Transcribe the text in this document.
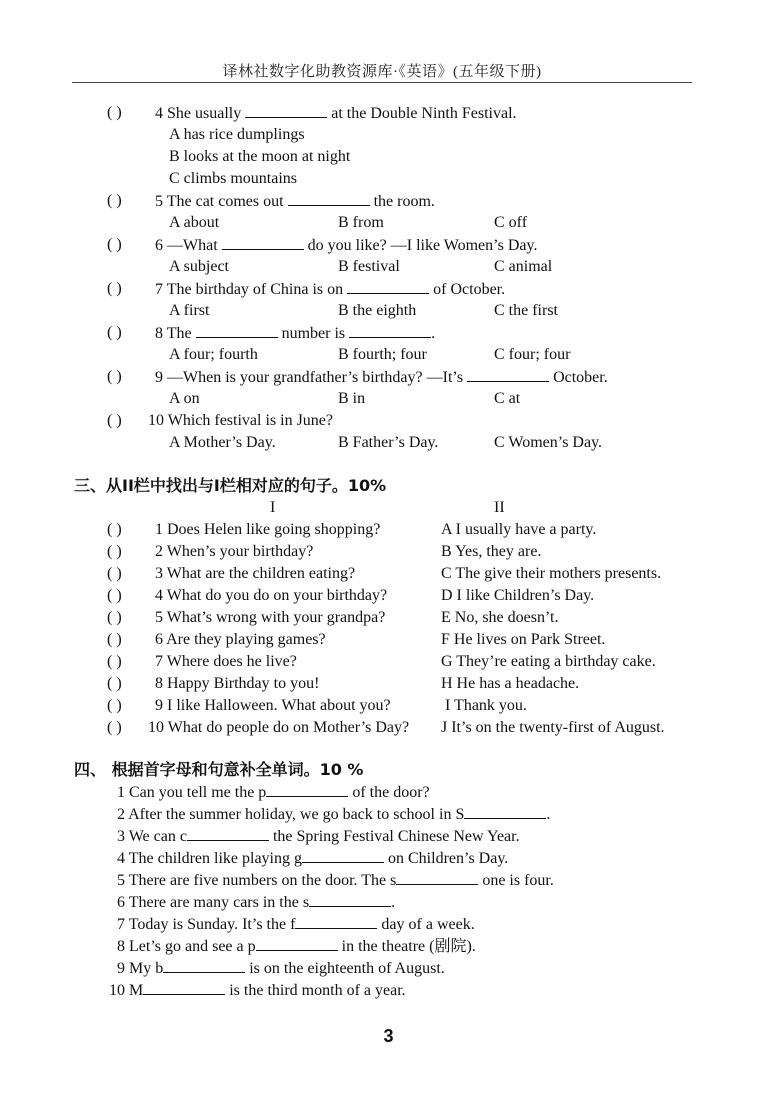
译林社数字化助教资源库·《英语》(五年级下册)
( ) 4 She usually	at the Double Ninth Festival.
A has rice dumplings
B looks at the moon at night
C climbs mountains
( ) 5 The cat comes out	the room.
A about	B from	C off
( ) 6 —What	do you like? —I like Women’s Day.
A subject	B festival	C animal
( ) 7 The birthday of China is on	of October.
A first	B the eighth	C the first
( ) 8 The	number is	.
A four; fourth	B fourth; four	C four; four
( ) 9 —When is your grandfather’s birthday? —It’s	October.
A on	B in	C at
( ) 10 Which festival is in June?
A Mother’s Day.	B Father’s Day.	C Women’s Day.
三、从II栏中找出与I栏相对应的句子。10%
I	II
( ) 1 Does Helen like going shopping?	A I usually have a party.
( ) 2 When’s your birthday?	B Yes, they are.
( ) 3 What are the children eating?	C The give their mothers presents.
( ) 4 What do you do on your birthday?	D I like Children’s Day.
( ) 5 What’s wrong with your grandpa?	E No, she doesn’t.
( ) 6 Are they playing games?	F He lives on Park Street.
( ) 7 Where does he live?	G They’re eating a birthday cake.
( ) 8 Happy Birthday to you!	H He has a headache.
( ) 9 I like Halloween. What about you?	I Thank you.
( ) 10 What do people do on Mother’s Day? J It’s on the twenty-first of August.
四、 根据首字母和句意补全单词。10 %
1 Can you tell me the p	of the door?
2 After the summer holiday, we go back to school in S	.
3 We can c	the Spring Festival Chinese New Year.
4 The children like playing g	on Children’s Day.
5 There are five numbers on the door. The s	one is four.
6 There are many cars in the s	.
7 Today is Sunday. It’s the f	day of a week.
8 Let’s go and see a p	in the theatre (剧院).
9 My b	is on the eighteenth of August.
10 M	is the third month of a year.
3
